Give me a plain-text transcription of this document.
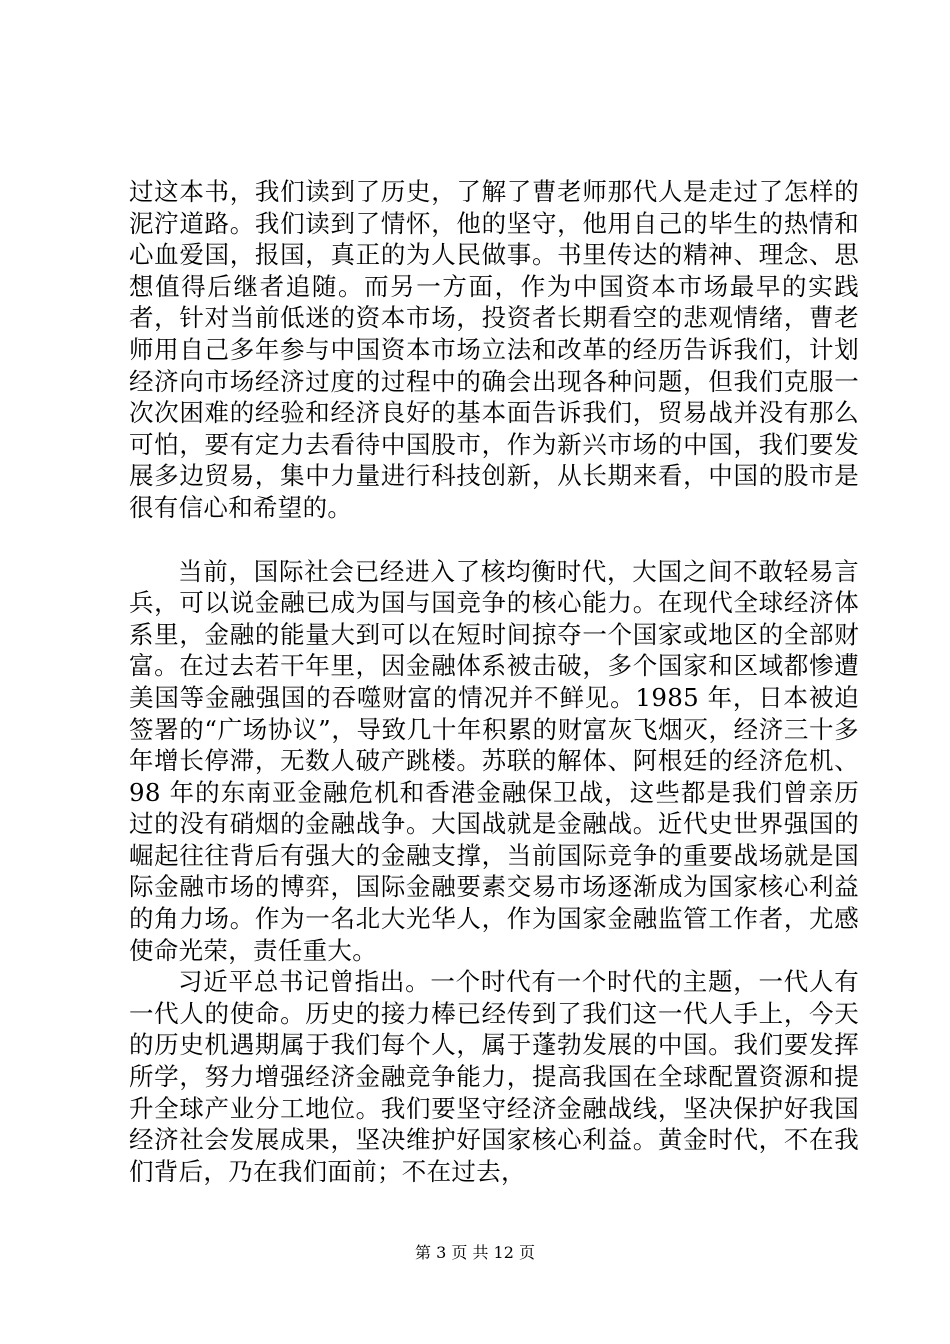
过这本书，我们读到了历史，了解了曹老师那代人是走过了怎样的泥泞道路。我们读到了情怀，他的坚守，他用自己的毕生的热情和心血爱国，报国，真正的为人民做事。书里传达的精神、理念、思想值得后继者追随。而另一方面，作为中国资本市场最早的实践者，针对当前低迷的资本市场，投资者长期看空的悲观情绪，曹老师用自己多年参与中国资本市场立法和改革的经历告诉我们，计划经济向市场经济过度的过程中的确会出现各种问题，但我们克服一次次困难的经验和经济良好的基本面告诉我们，贸易战并没有那么可怕，要有定力去看待中国股市，作为新兴市场的中国，我们要发展多边贸易，集中力量进行科技创新，从长期来看，中国的股市是很有信心和希望的。

当前，国际社会已经进入了核均衡时代，大国之间不敢轻易言兵，可以说金融已成为国与国竞争的核心能力。在现代全球经济体系里，金融的能量大到可以在短时间掠夺一个国家或地区的全部财富。在过去若干年里，因金融体系被击破，多个国家和区域都惨遭美国等金融强国的吞噬财富的情况并不鲜见。1985 年，日本被迫签署的“广场协议”，导致几十年积累的财富灰飞烟灭，经济三十多年增长停滞，无数人破产跳楼。苏联的解体、阿根廷的经济危机、98 年的东南亚金融危机和香港金融保卫战，这些都是我们曾亲历过的没有硝烟的金融战争。大国战就是金融战。近代史世界强国的崛起往往背后有强大的金融支撑，当前国际竞争的重要战场就是国际金融市场的博弈，国际金融要素交易市场逐渐成为国家核心利益的角力场。作为一名北大光华人，作为国家金融监管工作者，尤感使命光荣，责任重大。

习近平总书记曾指出。一个时代有一个时代的主题，一代人有一代人的使命。历史的接力棒已经传到了我们这一代人手上，今天的历史机遇期属于我们每个人，属于蓬勃发展的中国。我们要发挥所学，努力增强经济金融竞争能力，提高我国在全球配置资源和提升全球产业分工地位。我们要坚守经济金融战线，坚决保护好我国经济社会发展成果，坚决维护好国家核心利益。黄金时代，不在我们背后，乃在我们面前；不在过去，

第 3 页 共 12 页
